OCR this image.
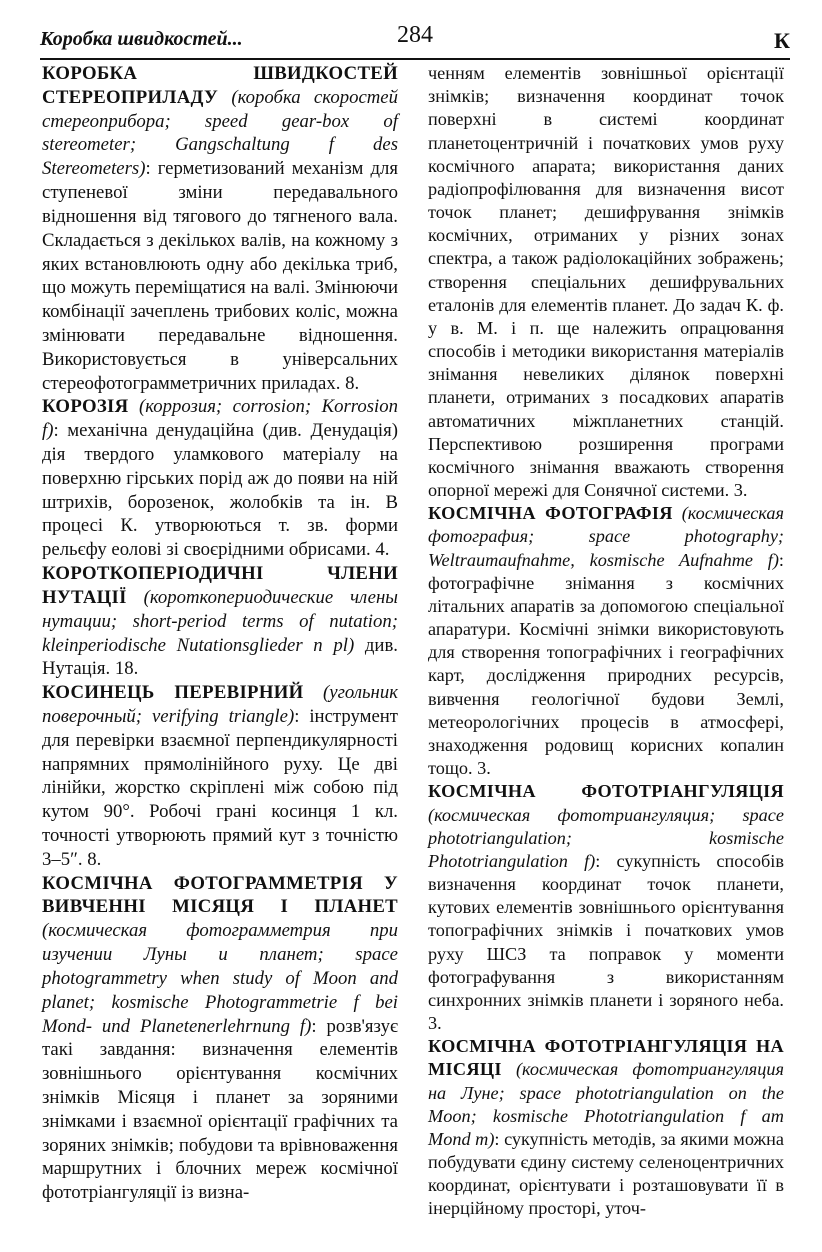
Коробка швидкостей...	284	К

КОРОБКА ШВИДКОСТЕЙ СТЕРЕОПРИЛАДУ (коробка скоростей стереоприбора; speed gear-box of stereometer; Gangschaltung f des Stereometers): герметизований механізм для ступеневої зміни передавального відношення від тягового до тягненого вала. Складається з декількох валів, на кожному з яких встановлюють одну або декілька триб, що можуть переміщатися на валі. Змінюючи комбінації зачеплень трибових коліс, можна змінювати передавальне відношення. Використовується в універсальних стереофотограмметричних приладах. 8.

КОРОЗІЯ (коррозия; corrosion; Korrosion f): механічна денудаційна (див. Денудація) дія твердого уламкового матеріалу на поверхню гірських порід аж до появи на ній штрихів, борозенок, жолобків та ін. В процесі К. утворюються т. зв. форми рельєфу еолові зі своєрідними обрисами. 4.

КОРОТКОПЕРІОДИЧНІ ЧЛЕНИ НУТАЦІЇ (короткопериодические члены нутации; short-period terms of nutation; kleinperiodische Nutationsglieder n pl) див. Нутація. 18.

КОСИНЕЦЬ ПЕРЕВІРНИЙ (угольник поверочный; verifying triangle): інструмент для перевірки взаємної перпендикулярності напрямних прямолінійного руху. Це дві лінійки, жорстко скріплені між собою під кутом 90°. Робочі грані косинця 1 кл. точності утворюють прямий кут з точністю 3–5″. 8.

КОСМІЧНА ФОТОГРАММЕТРІЯ У ВИВЧЕННІ МІСЯЦЯ І ПЛАНЕТ (космическая фотограмметрия при изучении Луны и планет; space photogrammetry when study of Moon and planet; kosmische Photogrammetrie f bei Mond- und Planetenerlehrnung f): розв'язує такі завдання: визначення елементів зовнішнього орієнтування космічних знімків Місяця і планет за зоряними знімками і взаємної орієнтації графічних та зоряних знімків; побудови та врівноваження маршрутних і блочних мереж космічної фототріангуляції із визна-

ченням елементів зовнішньої орієнтації знімків; визначення координат точок поверхні в системі координат планетоцентричній і початкових умов руху космічного апарата; використання даних радіопрофілювання для визначення висот точок планет; дешифрування знімків космічних, отриманих у різних зонах спектра, а також радіолокаційних зображень; створення спеціальних дешифрувальних еталонів для елементів планет. До задач К. ф. у в. М. і п. ще належить опрацювання способів і методики використання матеріалів знімання невеликих ділянок поверхні планети, отриманих з посадкових апаратів автоматичних міжпланетних станцій. Перспективою розширення програми космічного знімання вважають створення опорної мережі для Сонячної системи. 3.

КОСМІЧНА ФОТОГРАФІЯ (космическая фотография; space photography; Weltraumaufnahme, kosmische Aufnahme f): фотографічне знімання з космічних літальних апаратів за допомогою спеціальної апаратури. Космічні знімки використовують для створення топографічних і географічних карт, дослідження природних ресурсів, вивчення геологічної будови Землі, метеорологічних процесів в атмосфері, знаходження родовищ корисних копалин тощо. 3.

КОСМІЧНА ФОТОТРІАНГУЛЯЦІЯ (космическая фототриангуляция; space phototriangulation; kosmische Phototriangulation f): сукупність способів визначення координат точок планети, кутових елементів зовнішнього орієнтування топографічних знімків і початкових умов руху ШСЗ та поправок у моменти фотографування з використанням синхронних знімків планети і зоряного неба. 3.

КОСМІЧНА ФОТОТРІАНГУЛЯЦІЯ НА МІСЯЦІ (космическая фототриангуляция на Луне; space phototriangulation on the Moon; kosmische Phototriangulation f am Mond m): сукупність методів, за якими можна побудувати єдину систему селеноцентричних координат, орієнтувати і розташовувати її в інерційному просторі, уточ-
